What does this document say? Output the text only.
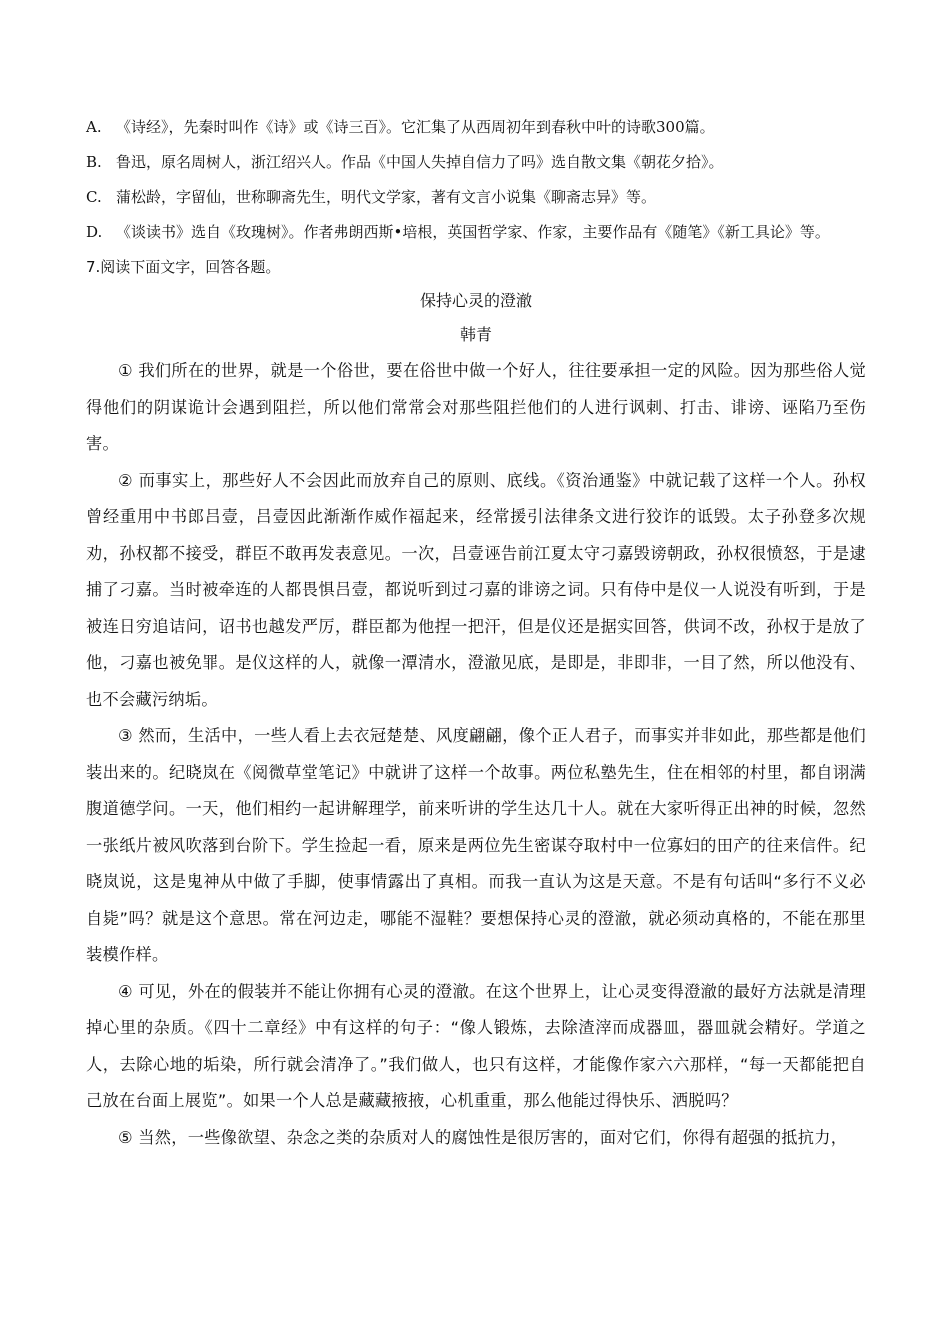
A. 《诗经》，先秦时叫作《诗》或《诗三百》。它汇集了从西周初年到春秋中叶的诗歌300篇。

B. 鲁迅，原名周树人，浙江绍兴人。作品《中国人失掉自信力了吗》选自散文集《朝花夕拾》。

C. 蒲松龄，字留仙，世称聊斋先生，明代文学家，著有文言小说集《聊斋志异》等。

D. 《谈读书》选自《玫瑰树》。作者弗朗西斯•培根，英国哲学家、作家，主要作品有《随笔》《新工具论》等。

7.阅读下面文字，回答各题。

保持心灵的澄澈

韩青

① 我们所在的世界，就是一个俗世，要在俗世中做一个好人，往往要承担一定的风险。因为那些俗人觉得他们的阴谋诡计会遇到阻拦，所以他们常常会对那些阻拦他们的人进行讽刺、打击、诽谤、诬陷乃至伤害。

② 而事实上，那些好人不会因此而放弃自己的原则、底线。《资治通鉴》中就记载了这样一个人。孙权曾经重用中书郎吕壹，吕壹因此渐渐作威作福起来，经常援引法律条文进行狡诈的诋毁。太子孙登多次规劝，孙权都不接受，群臣不敢再发表意见。一次，吕壹诬告前江夏太守刁嘉毁谤朝政，孙权很愤怒，于是逮捕了刁嘉。当时被牵连的人都畏惧吕壹，都说听到过刁嘉的诽谤之词。只有侍中是仪一人说没有听到，于是被连日穷追诘问，诏书也越发严厉，群臣都为他捏一把汗，但是仪还是据实回答，供词不改，孙权于是放了他，刁嘉也被免罪。是仪这样的人，就像一潭清水，澄澈见底，是即是，非即非，一目了然，所以他没有、也不会藏污纳垢。

③ 然而，生活中，一些人看上去衣冠楚楚、风度翩翩，像个正人君子，而事实并非如此，那些都是他们装出来的。纪晓岚在《阅微草堂笔记》中就讲了这样一个故事。两位私塾先生，住在相邻的村里，都自诩满腹道德学问。一天，他们相约一起讲解理学，前来听讲的学生达几十人。就在大家听得正出神的时候，忽然一张纸片被风吹落到台阶下。学生捡起一看，原来是两位先生密谋夺取村中一位寡妇的田产的往来信件。纪晓岚说，这是鬼神从中做了手脚，使事情露出了真相。而我一直认为这是天意。不是有句话叫“多行不义必自毙”吗？就是这个意思。常在河边走，哪能不湿鞋？要想保持心灵的澄澈，就必须动真格的，不能在那里装模作样。

④ 可见，外在的假装并不能让你拥有心灵的澄澈。在这个世界上，让心灵变得澄澈的最好方法就是清理掉心里的杂质。《四十二章经》中有这样的句子：“像人锻炼，去除渣滓而成器皿，器皿就会精好。学道之人，去除心地的垢染，所行就会清净了。”我们做人，也只有这样，才能像作家六六那样，“每一天都能把自己放在台面上展览”。如果一个人总是藏藏掖掖，心机重重，那么他能过得快乐、洒脱吗？

⑤ 当然，一些像欲望、杂念之类的杂质对人的腐蚀性是很厉害的，面对它们，你得有超强的抵抗力，
